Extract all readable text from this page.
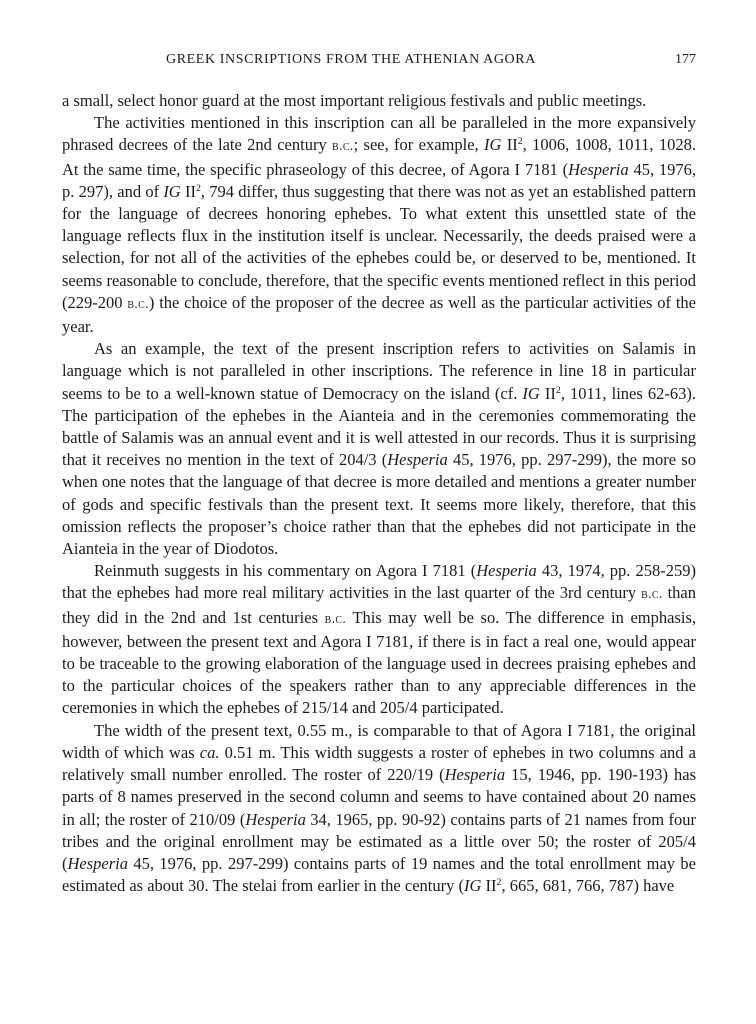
GREEK INSCRIPTIONS FROM THE ATHENIAN AGORA	177

a small, select honor guard at the most important religious festivals and public meetings.

The activities mentioned in this inscription can all be paralleled in the more expansively phrased decrees of the late 2nd century b.c.; see, for example, IG $II^2$, 1006, 1008, 1011, 1028. At the same time, the specific phraseology of this decree, of Agora I 7181 (Hesperia 45, 1976, p. 297), and of IG $II^2$, 794 differ, thus suggesting that there was not as yet an established pattern for the language of decrees honoring ephebes. To what extent this unsettled state of the language reflects flux in the institution itself is unclear. Necessarily, the deeds praised were a selection, for not all of the activities of the ephebes could be, or deserved to be, mentioned. It seems reasonable to conclude, therefore, that the specific events mentioned reflect in this period (229-200 b.c.) the choice of the proposer of the decree as well as the particular activities of the year.

As an example, the text of the present inscription refers to activities on Salamis in language which is not paralleled in other inscriptions. The reference in line 18 in particular seems to be to a well-known statue of Democracy on the island (cf. IG $II^2$, 1011, lines 62-63). The participation of the ephebes in the Aianteia and in the ceremonies commemorating the battle of Salamis was an annual event and it is well attested in our records. Thus it is surprising that it receives no mention in the text of 204/3 (Hesperia 45, 1976, pp. 297-299), the more so when one notes that the language of that decree is more detailed and mentions a greater number of gods and specific festivals than the present text. It seems more likely, therefore, that this omission reflects the proposer’s choice rather than that the ephebes did not participate in the Aianteia in the year of Diodotos.

Reinmuth suggests in his commentary on Agora I 7181 (Hesperia 43, 1974, pp. 258-259) that the ephebes had more real military activities in the last quarter of the 3rd century b.c. than they did in the 2nd and 1st centuries b.c. This may well be so. The difference in emphasis, however, between the present text and Agora I 7181, if there is in fact a real one, would appear to be traceable to the growing elaboration of the language used in decrees praising ephebes and to the particular choices of the speakers rather than to any appreciable differences in the ceremonies in which the ephebes of 215/14 and 205/4 participated.

The width of the present text, 0.55 m., is comparable to that of Agora I 7181, the original width of which was ca. 0.51 m. This width suggests a roster of ephebes in two columns and a relatively small number enrolled. The roster of 220/19 (Hesperia 15, 1946, pp. 190-193) has parts of 8 names preserved in the second column and seems to have contained about 20 names in all; the roster of 210/09 (Hesperia 34, 1965, pp. 90-92) contains parts of 21 names from four tribes and the original enrollment may be estimated as a little over 50; the roster of 205/4 (Hesperia 45, 1976, pp. 297-299) contains parts of 19 names and the total enrollment may be estimated as about 30. The stelai from earlier in the century (IG $II^2$, 665, 681, 766, 787) have
